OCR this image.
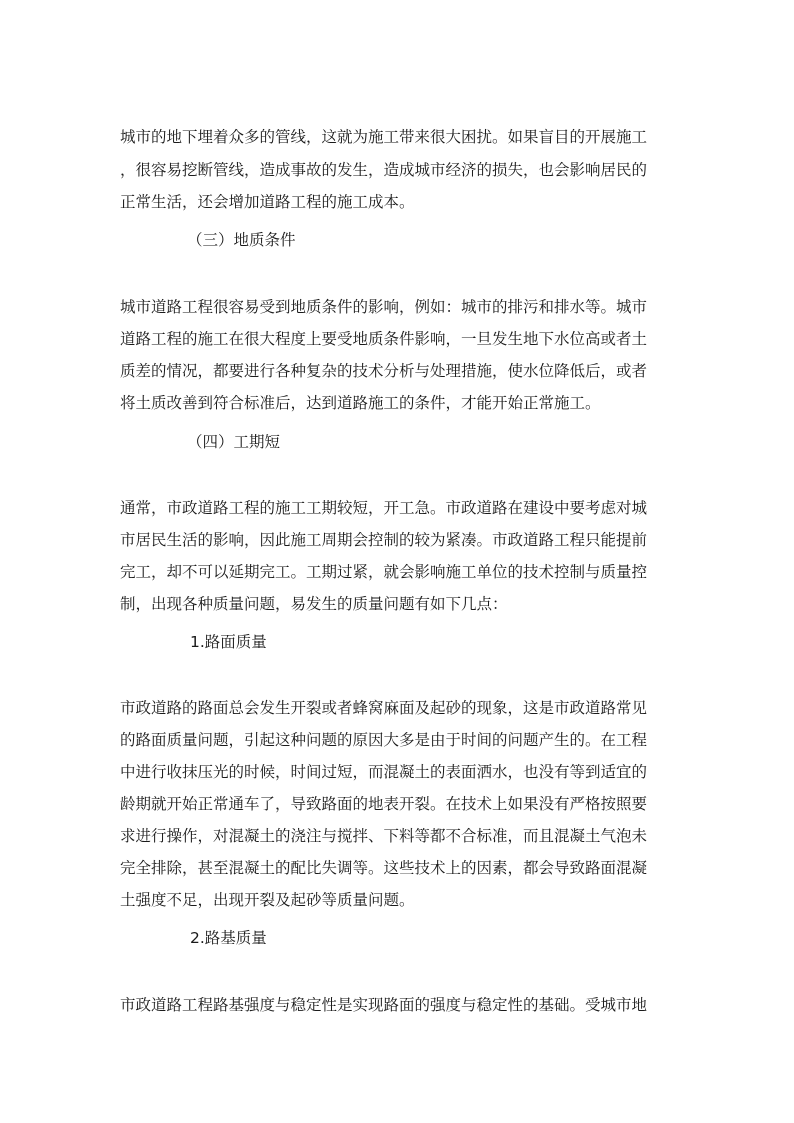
城市的地下埋着众多的管线，这就为施工带来很大困扰。如果盲目的开展施工
，很容易挖断管线，造成事故的发生，造成城市经济的损失，也会影响居民的
正常生活，还会增加道路工程的施工成本。
（三）地质条件
城市道路工程很容易受到地质条件的影响，例如：城市的排污和排水等。城市
道路工程的施工在很大程度上要受地质条件影响，一旦发生地下水位高或者土
质差的情况，都要进行各种复杂的技术分析与处理措施，使水位降低后，或者
将土质改善到符合标准后，达到道路施工的条件，才能开始正常施工。
（四）工期短
通常，市政道路工程的施工工期较短，开工急。市政道路在建设中要考虑对城
市居民生活的影响，因此施工周期会控制的较为紧凑。市政道路工程只能提前
完工，却不可以延期完工。工期过紧，就会影响施工单位的技术控制与质量控
制，出现各种质量问题，易发生的质量问题有如下几点：
1.路面质量
市政道路的路面总会发生开裂或者蜂窝麻面及起砂的现象，这是市政道路常见
的路面质量问题，引起这种问题的原因大多是由于时间的问题产生的。在工程
中进行收抹压光的时候，时间过短，而混凝土的表面洒水，也没有等到适宜的
龄期就开始正常通车了，导致路面的地表开裂。在技术上如果没有严格按照要
求进行操作，对混凝土的浇注与搅拌、下料等都不合标准，而且混凝土气泡未
完全排除，甚至混凝土的配比失调等。这些技术上的因素，都会导致路面混凝
土强度不足，出现开裂及起砂等质量问题。
2.路基质量
市政道路工程路基强度与稳定性是实现路面的强度与稳定性的基础。受城市地
